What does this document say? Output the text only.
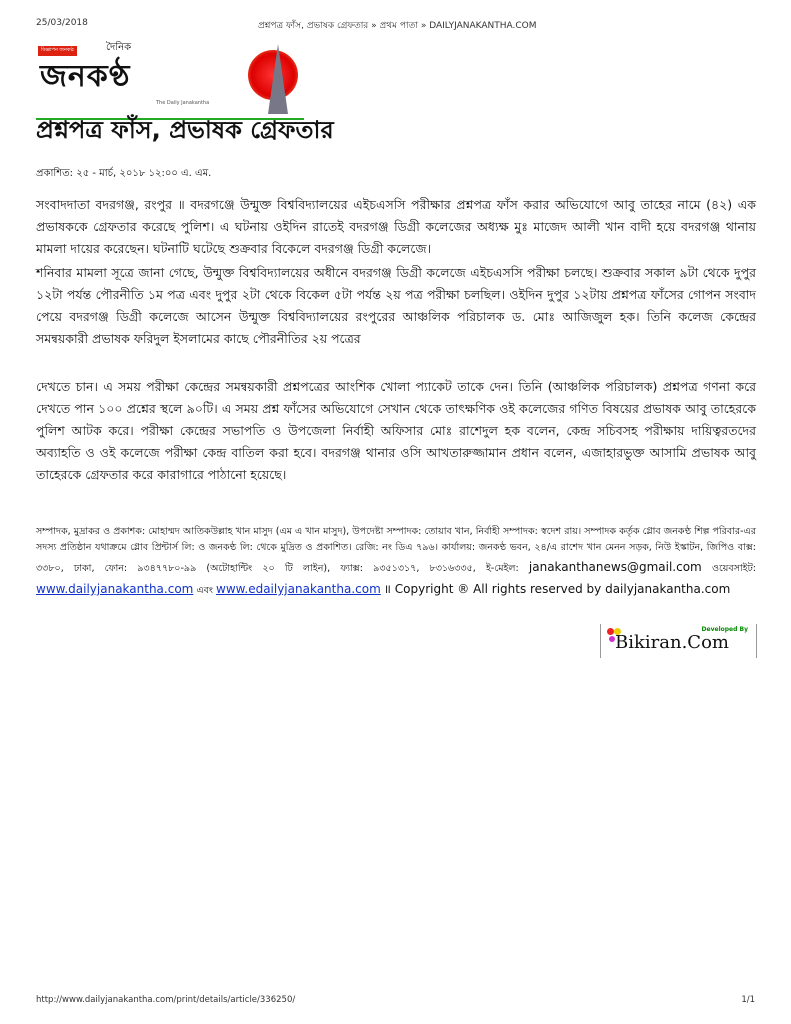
25/03/2018	প্রশ্নপত্র ফাঁস, প্রভাষক গ্রেফতার » প্রথম পাতা » DAILYJANAKANTHA.COM
বিজ্ঞাপন জনকণ্ঠ	দৈনিক
জনকণ্ঠ
The Daily Janakantha
প্রশ্নপত্র ফাঁস, প্রভাষক গ্রেফতার
প্রকাশিত: ২৫ - মার্চ, ২০১৮ ১২:০০ এ. এম.

সংবাদদাতা বদরগঞ্জ, রংপুর ॥ বদরগঞ্জে উন্মুক্ত বিশ্ববিদ্যালয়ের এইচএসসি পরীক্ষার প্রশ্নপত্র ফাঁস করার অভিযোগে আবু তাহের নামে (৪২) এক প্রভাষককে গ্রেফতার করেছে পুলিশ। এ ঘটনায় ওইদিন রাতেই বদরগঞ্জ ডিগ্রী কলেজের অধ্যক্ষ মুঃ মাজেদ আলী খান বাদী হয়ে বদরগঞ্জ থানায় মামলা দায়ের করেছেন। ঘটনাটি ঘটেছে শুক্রবার বিকেলে বদরগঞ্জ ডিগ্রী কলেজে।

শনিবার মামলা সূত্রে জানা গেছে, উন্মুক্ত বিশ্ববিদ্যালয়ের অধীনে বদরগঞ্জ ডিগ্রী কলেজে এইচএসসি পরীক্ষা চলছে। শুক্রবার সকাল ৯টা থেকে দুপুর ১২টা পর্যন্ত পৌরনীতি ১ম পত্র এবং দুপুর ২টা থেকে বিকেল ৫টা পর্যন্ত ২য় পত্র পরীক্ষা চলছিল। ওইদিন দুপুর ১২টায় প্রশ্নপত্র ফাঁসের গোপন সংবাদ পেয়ে বদরগঞ্জ ডিগ্রী কলেজে আসেন উন্মুক্ত বিশ্ববিদ্যালয়ের রংপুরের আঞ্চলিক পরিচালক ড. মোঃ আজিজুল হক। তিনি কলেজ কেন্দ্রের সমন্বয়কারী প্রভাষক ফরিদুল ইসলামের কাছে পৌরনীতির ২য় পত্রের

দেখতে চান। এ সময় পরীক্ষা কেন্দ্রের সমন্বয়কারী প্রশ্নপত্রের আংশিক খোলা প্যাকেট তাকে দেন। তিনি (আঞ্চলিক পরিচালক) প্রশ্নপত্র গণনা করে দেখতে পান ১০০ প্রশ্নের স্থলে ৯০টি। এ সময় প্রশ্ন ফাঁসের অভিযোগে সেখান থেকে তাৎক্ষণিক ওই কলেজের গণিত বিষয়ের প্রভাষক আবু তাহেরকে পুলিশ আটক করে। পরীক্ষা কেন্দ্রের সভাপতি ও উপজেলা নির্বাহী অফিসার মোঃ রাশেদুল হক বলেন, কেন্দ্র সচিবসহ পরীক্ষায় দায়িত্বরতদের অব্যাহতি ও ওই কলেজে পরীক্ষা কেন্দ্র বাতিল করা হবে। বদরগঞ্জ থানার ওসি আখতারুজ্জামান প্রধান বলেন, এজাহারভুক্ত আসামি প্রভাষক আবু তাহেরকে গ্রেফতার করে কারাগারে পাঠানো হয়েছে।

সম্পাদক, মুদ্রাকর ও প্রকাশক: মোহাম্মদ আতিকউল্লাহ খান মাসুদ (এম এ খান মাসুদ), উপদেষ্টা সম্পাদক: তোয়াব খান, নির্বাহী সম্পাদক: স্বদেশ রায়। সম্পাদক কর্তৃক গ্লোব জনকণ্ঠ শিল্প পরিবার-এর সদস্য প্রতিষ্ঠান যথাক্রমে গ্লোব প্রিন্টার্স লি: ও জনকণ্ঠ লি: থেকে মুদ্রিত ও প্রকাশিত। রেজি: নং ডিএ ৭৯৬। কার্যালয়: জনকণ্ঠ ভবন, ২৪/এ রাশেদ খান মেনন সড়ক, নিউ ইস্কাটন, জিপিও বাক্স: ৩৩৮০, ঢাকা, ফোন: ৯৩৪৭৭৮০-৯৯ (অটোহান্টিং ২০ টি লাইন), ফ্যাক্স: ৯৩৫১৩১৭, ৮৩১৬৩৩৫, ই-মেইল: janakanthanews@gmail.com ওয়েবসাইট: www.dailyjanakantha.com এবং www.edailyjanakantha.com ॥ Copyright ® All rights reserved by dailyjanakantha.com
Developed By
Bikiran.Com
http://www.dailyjanakantha.com/print/details/article/336250/	1/1
